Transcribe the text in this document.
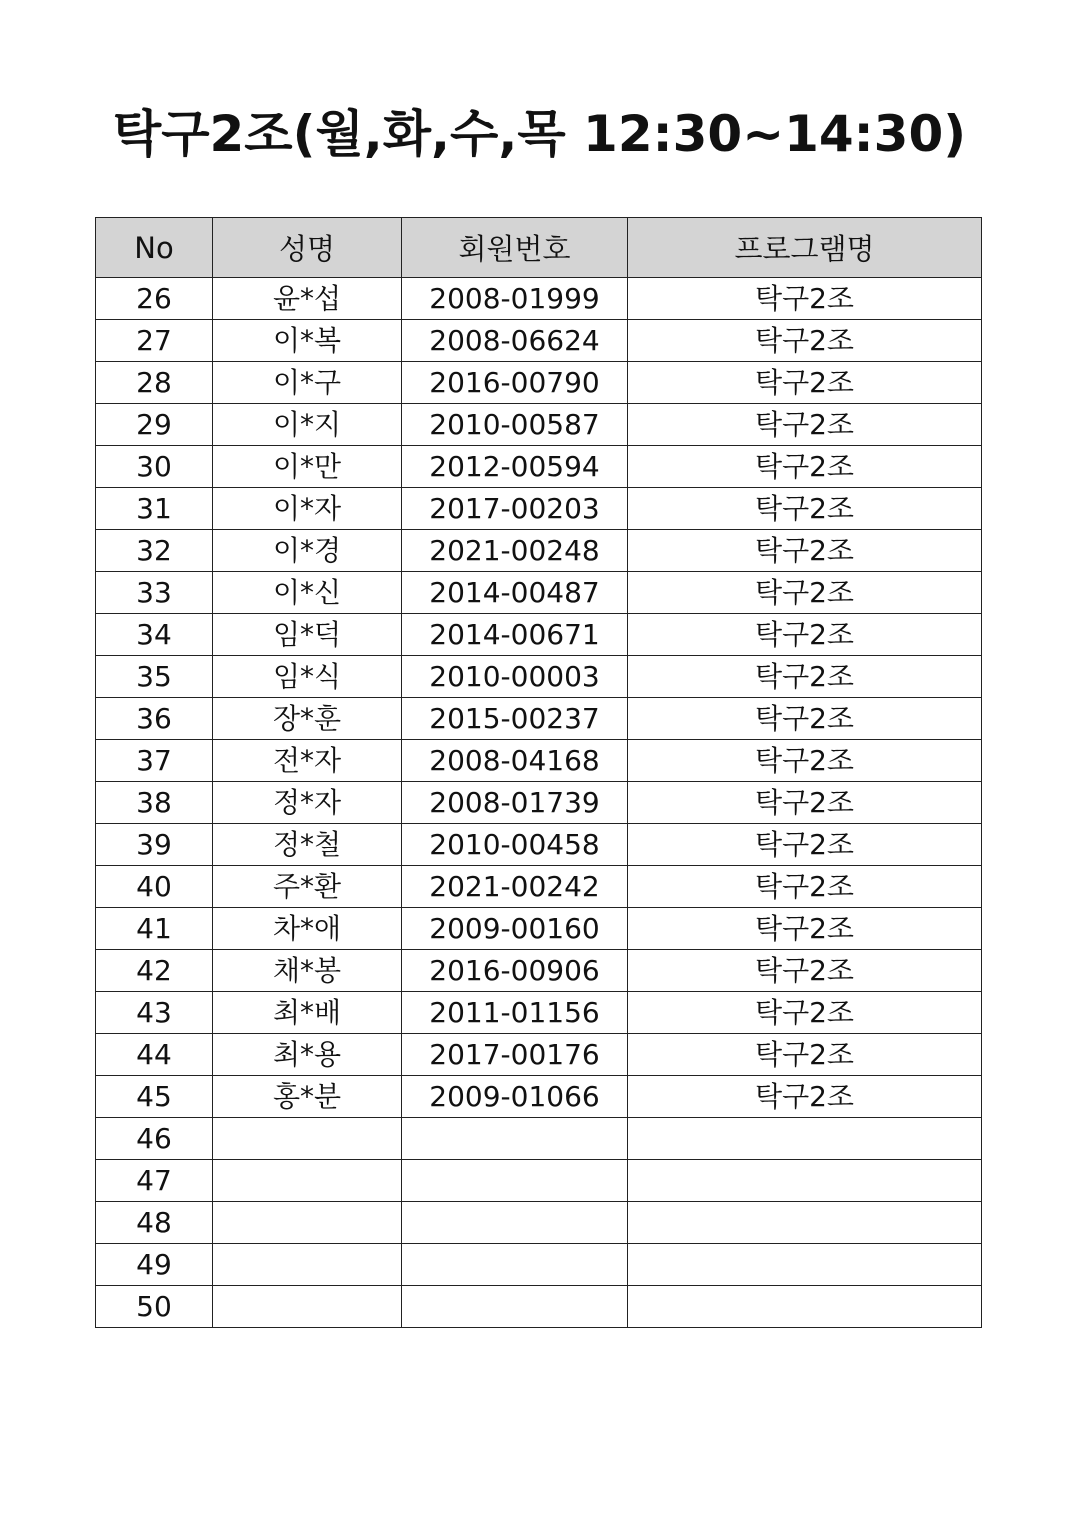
탁구2조(월,화,수,목 12:30~14:30)
No	성명	회원번호	프로그램명
26	윤*섭	2008-01999	탁구2조
27	이*복	2008-06624	탁구2조
28	이*구	2016-00790	탁구2조
29	이*지	2010-00587	탁구2조
30	이*만	2012-00594	탁구2조
31	이*자	2017-00203	탁구2조
32	이*경	2021-00248	탁구2조
33	이*신	2014-00487	탁구2조
34	임*덕	2014-00671	탁구2조
35	임*식	2010-00003	탁구2조
36	장*훈	2015-00237	탁구2조
37	전*자	2008-04168	탁구2조
38	정*자	2008-01739	탁구2조
39	정*철	2010-00458	탁구2조
40	주*환	2021-00242	탁구2조
41	차*애	2009-00160	탁구2조
42	채*봉	2016-00906	탁구2조
43	최*배	2011-01156	탁구2조
44	최*용	2017-00176	탁구2조
45	홍*분	2009-01066	탁구2조
46			
47			
48			
49			
50			
